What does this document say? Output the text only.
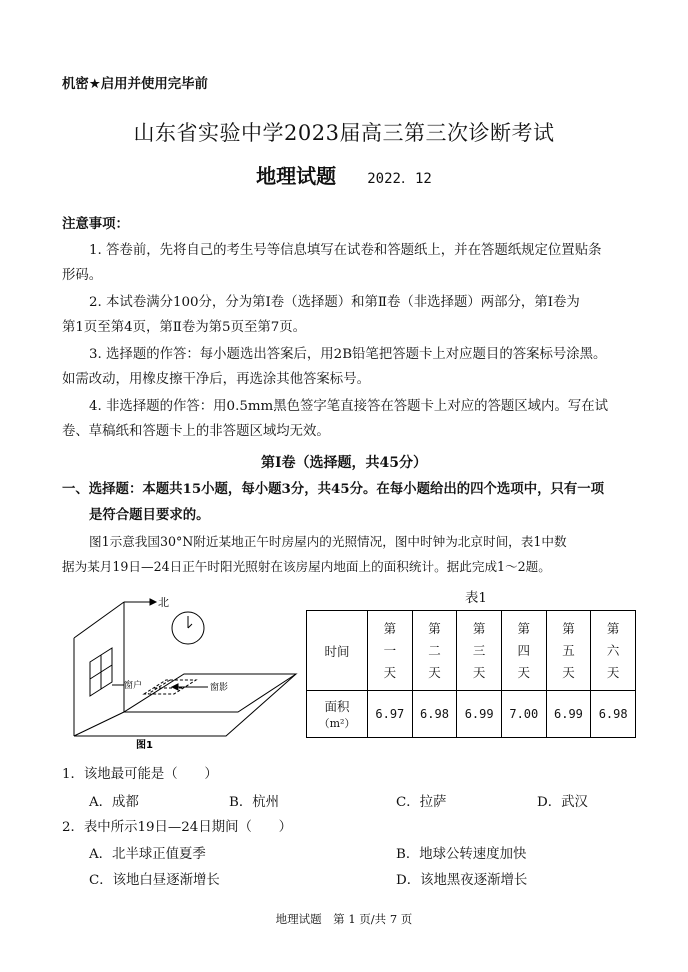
机密★启用并使用完毕前
山东省实验中学2023届高三第三次诊断考试
地理试题 2022．12
注意事项：
1. 答卷前，先将自己的考生号等信息填写在试卷和答题纸上，并在答题纸规定位置贴条
形码。
2. 本试卷满分100分，分为第Ⅰ卷（选择题）和第Ⅱ卷（非选择题）两部分，第Ⅰ卷为
第1页至第4页，第Ⅱ卷为第5页至第7页。
3. 选择题的作答：每小题选出答案后，用2B铅笔把答题卡上对应题目的答案标号涂黑。
如需改动，用橡皮擦干净后，再选涂其他答案标号。
4. 非选择题的作答：用0.5mm黑色签字笔直接答在答题卡上对应的答题区域内。写在试
卷、草稿纸和答题卡上的非答题区域均无效。
第Ⅰ卷（选择题，共45分）
一、选择题：本题共15小题，每小题3分，共45分。在每小题给出的四个选项中，只有一项
是符合题目要求的。
图1示意我国30°N附近某地正午时房屋内的光照情况，图中时钟为北京时间，表1中数
据为某月19日—24日正午时阳光照射在该房屋内地面上的面积统计。据此完成1～2题。
北
窗户	窗影
图1
表1
时间	第一天	第二天	第三天	第四天	第五天	第六天

面积
（m²）	6.97	6.98	6.99	7.00	6.99	6.98
1．该地最可能是（　　）
A．成都	B．杭州	C．拉萨	D．武汉
2．表中所示19日—24日期间（　　）
A．北半球正值夏季	B．地球公转速度加快
C．该地白昼逐渐增长	D．该地黑夜逐渐增长
地理试题　第 1 页/共 7 页
